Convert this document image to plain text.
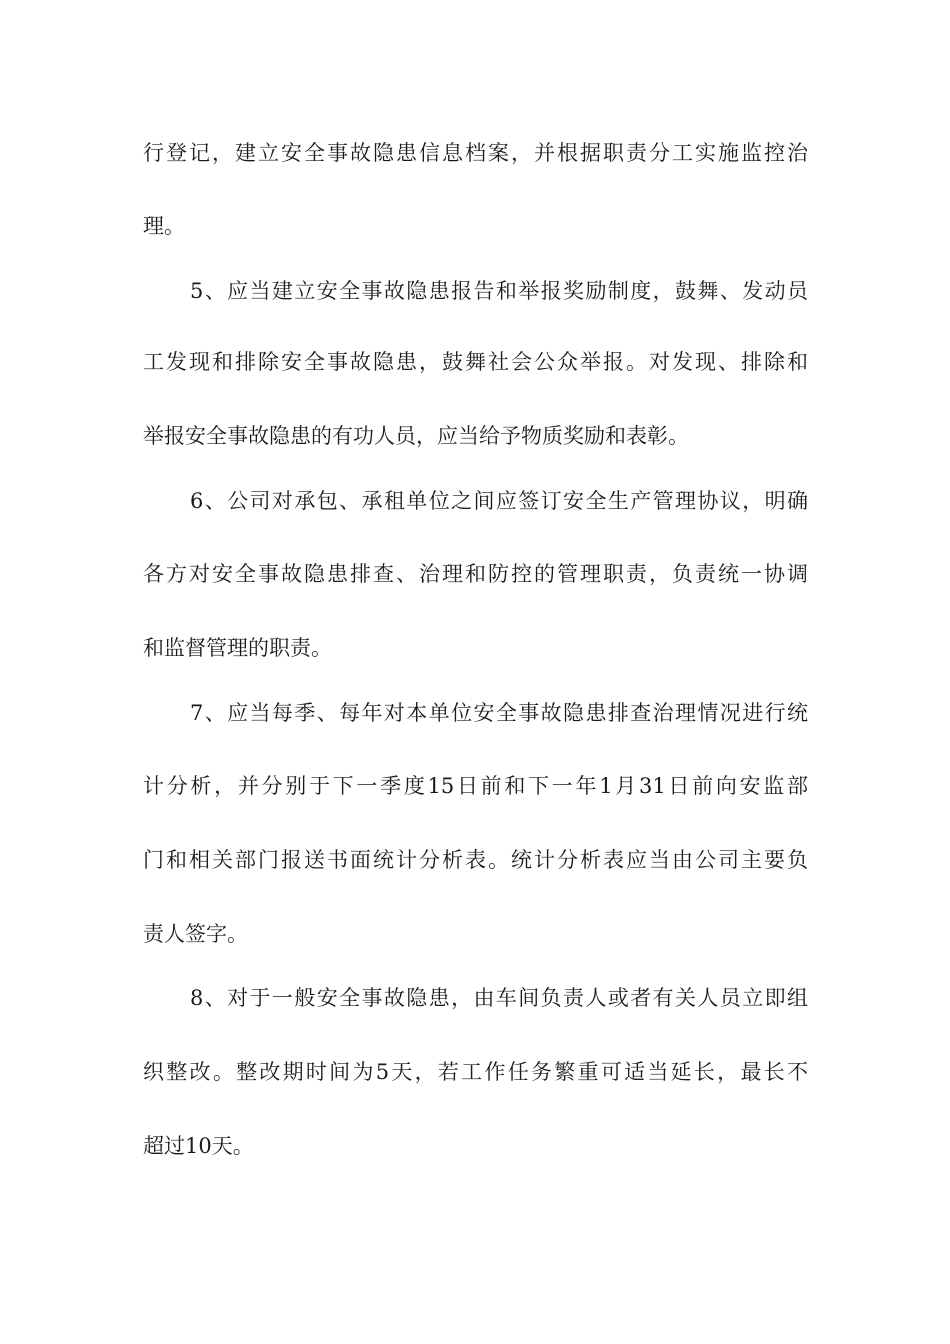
行登记，建立安全事故隐患信息档案，并根据职责分工实施监控治
理。
5、应当建立安全事故隐患报告和举报奖励制度，鼓舞、发动员
工发现和排除安全事故隐患，鼓舞社会公众举报。对发现、排除和
举报安全事故隐患的有功人员，应当给予物质奖励和表彰。
6、公司对承包、承租单位之间应签订安全生产管理协议，明确
各方对安全事故隐患排查、治理和防控的管理职责，负责统一协调
和监督管理的职责。
7、应当每季、每年对本单位安全事故隐患排查治理情况进行统
计分析，并分别于下一季度15日前和下一年1月31日前向安监部
门和相关部门报送书面统计分析表。统计分析表应当由公司主要负
责人签字。
8、对于一般安全事故隐患，由车间负责人或者有关人员立即组
织整改。整改期时间为5天，若工作任务繁重可适当延长，最长不
超过10天。
